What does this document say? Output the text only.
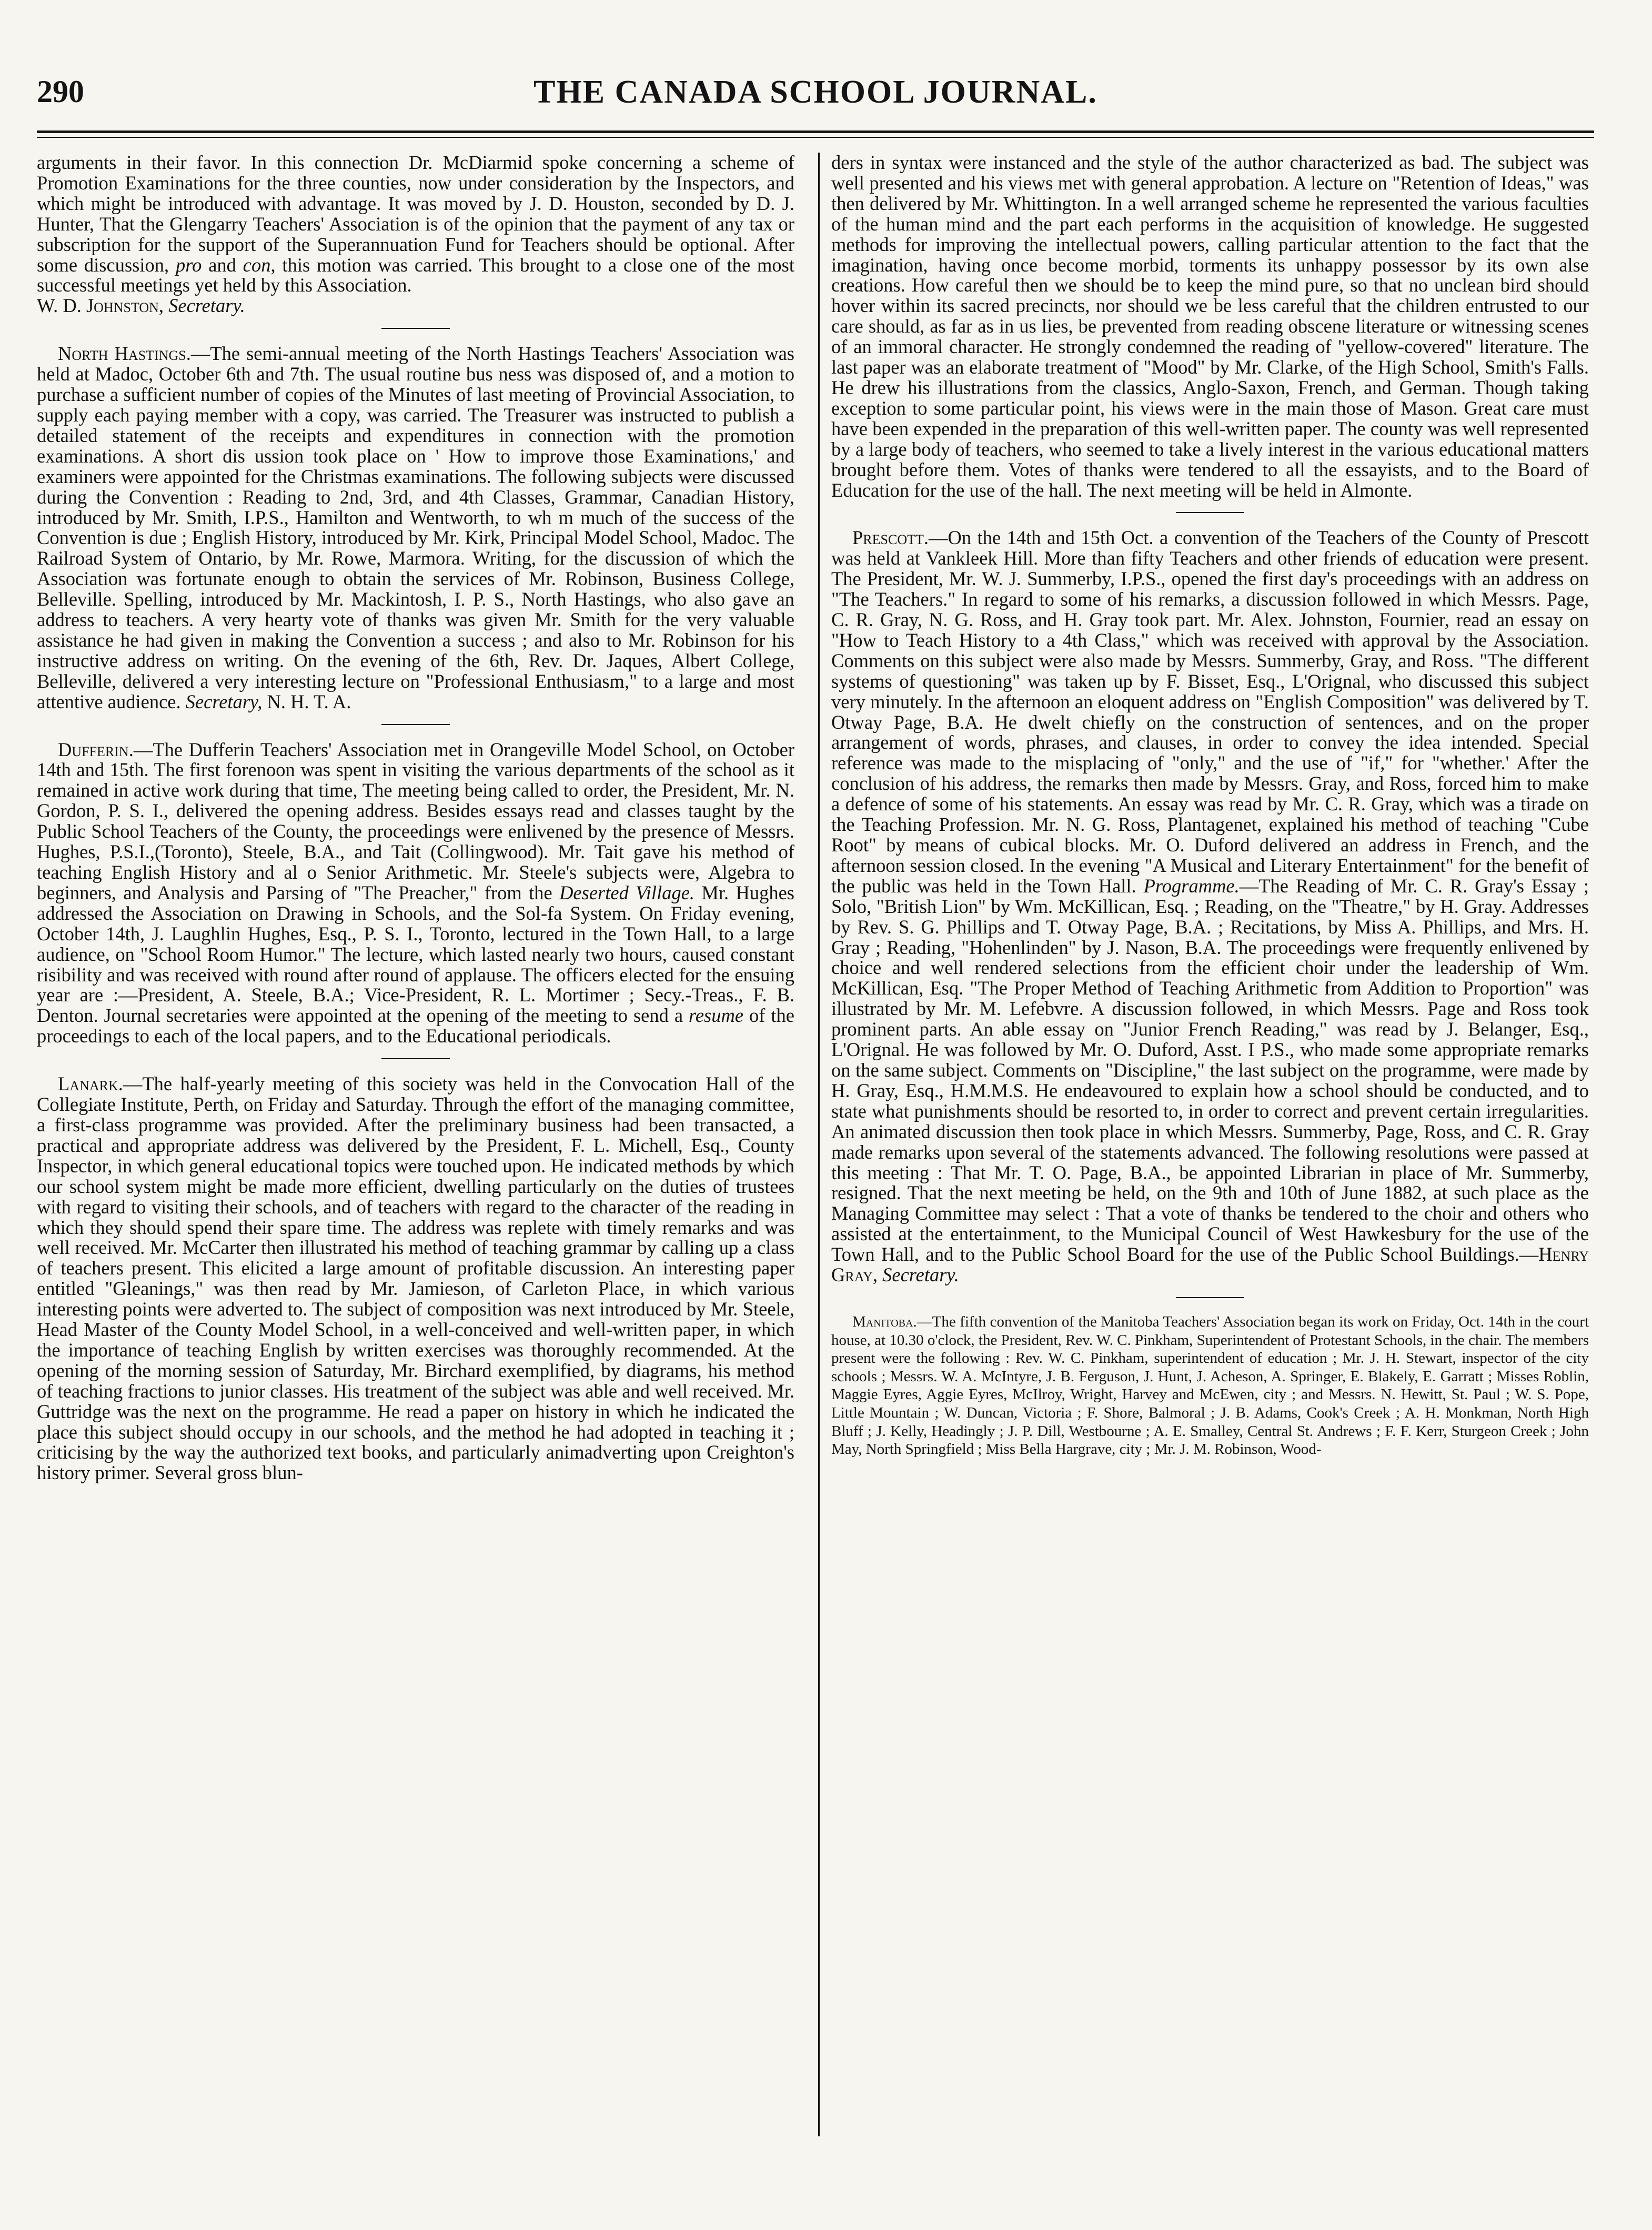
290	THE CANADA SCHOOL JOURNAL.

arguments in their favor. In this connection Dr. McDiarmid spoke concerning a scheme of Promotion Examinations for the three counties, now under consideration by the Inspectors, and which might be introduced with advantage. It was moved by J. D. Houston, seconded by D. J. Hunter, That the Glengarry Teachers' Association is of the opinion that the payment of any tax or subscription for the support of the Superannuation Fund for Teachers should be optional. After some discussion, pro and con, this motion was carried. This brought to a close one of the most successful meetings yet held by this Association.
W. D. Johnston, Secretary.

North Hastings.—The semi-annual meeting of the North Hastings Teachers' Association was held at Madoc, October 6th and 7th. The usual routine bus ness was disposed of, and a motion to purchase a sufficient number of copies of the Minutes of last meeting of Provincial Association, to supply each paying member with a copy, was carried. The Treasurer was instructed to publish a detailed statement of the receipts and expenditures in connection with the promotion examinations. A short dis ussion took place on ' How to improve those Examinations,' and examiners were appointed for the Christmas examinations. The following subjects were discussed during the Convention : Reading to 2nd, 3rd, and 4th Classes, Grammar, Canadian History, introduced by Mr. Smith, I.P.S., Hamilton and Wentworth, to wh m much of the success of the Convention is due ; English History, introduced by Mr. Kirk, Principal Model School, Madoc. The Railroad System of Ontario, by Mr. Rowe, Marmora. Writing, for the discussion of which the Association was fortunate enough to obtain the services of Mr. Robinson, Business College, Belleville. Spelling, introduced by Mr. Mackintosh, I. P. S., North Hastings, who also gave an address to teachers. A very hearty vote of thanks was given Mr. Smith for the very valuable assistance he had given in making the Convention a success ; and also to Mr. Robinson for his instructive address on writing. On the evening of the 6th, Rev. Dr. Jaques, Albert College, Belleville, delivered a very interesting lecture on "Professional Enthusiasm," to a large and most attentive audience. Secretary, N. H. T. A.

Dufferin.—The Dufferin Teachers' Association met in Orangeville Model School, on October 14th and 15th. The first forenoon was spent in visiting the various departments of the school as it remained in active work during that time, The meeting being called to order, the President, Mr. N. Gordon, P. S. I., delivered the opening address. Besides essays read and classes taught by the Public School Teachers of the County, the proceedings were enlivened by the presence of Messrs. Hughes, P.S.I.,(Toronto), Steele, B.A., and Tait (Collingwood). Mr. Tait gave his method of teaching English History and al o Senior Arithmetic. Mr. Steele's subjects were, Algebra to beginners, and Analysis and Parsing of "The Preacher," from the Deserted Village. Mr. Hughes addressed the Association on Drawing in Schools, and the Sol-fa System. On Friday evening, October 14th, J. Laughlin Hughes, Esq., P. S. I., Toronto, lectured in the Town Hall, to a large audience, on "School Room Humor." The lecture, which lasted nearly two hours, caused constant risibility and was received with round after round of applause. The officers elected for the ensuing year are :—President, A. Steele, B.A.; Vice-President, R. L. Mortimer ; Secy.-Treas., F. B. Denton. Journal secretaries were appointed at the opening of the meeting to send a resume of the proceedings to each of the local papers, and to the Educational periodicals.

Lanark.—The half-yearly meeting of this society was held in the Convocation Hall of the Collegiate Institute, Perth, on Friday and Saturday. Through the effort of the managing committee, a first-class programme was provided. After the preliminary business had been transacted, a practical and appropriate address was delivered by the President, F. L. Michell, Esq., County Inspector, in which general educational topics were touched upon. He indicated methods by which our school system might be made more efficient, dwelling particularly on the duties of trustees with regard to visiting their schools, and of teachers with regard to the character of the reading in which they should spend their spare time. The address was replete with timely remarks and was well received. Mr. McCarter then illustrated his method of teaching grammar by calling up a class of teachers present. This elicited a large amount of profitable discussion. An interesting paper entitled "Gleanings," was then read by Mr. Jamieson, of Carleton Place, in which various interesting points were adverted to. The subject of composition was next introduced by Mr. Steele, Head Master of the County Model School, in a well-conceived and well-written paper, in which the importance of teaching English by written exercises was thoroughly recommended. At the opening of the morning session of Saturday, Mr. Birchard exemplified, by diagrams, his method of teaching fractions to junior classes. His treatment of the subject was able and well received. Mr. Guttridge was the next on the programme. He read a paper on history in which he indicated the place this subject should occupy in our schools, and the method he had adopted in teaching it ; criticising by the way the authorized text books, and particularly animadverting upon Creighton's history primer. Several gross blun-

ders in syntax were instanced and the style of the author characterized as bad. The subject was well presented and his views met with general approbation. A lecture on "Retention of Ideas," was then delivered by Mr. Whittington. In a well arranged scheme he represented the various faculties of the human mind and the part each performs in the acquisition of knowledge. He suggested methods for improving the intellectual powers, calling particular attention to the fact that the imagination, having once become morbid, torments its unhappy possessor by its own alse creations. How careful then we should be to keep the mind pure, so that no unclean bird should hover within its sacred precincts, nor should we be less careful that the children entrusted to our care should, as far as in us lies, be prevented from reading obscene literature or witnessing scenes of an immoral character. He strongly condemned the reading of "yellow-covered" literature. The last paper was an elaborate treatment of "Mood" by Mr. Clarke, of the High School, Smith's Falls. He drew his illustrations from the classics, Anglo-Saxon, French, and German. Though taking exception to some particular point, his views were in the main those of Mason. Great care must have been expended in the preparation of this well-written paper. The county was well represented by a large body of teachers, who seemed to take a lively interest in the various educational matters brought before them. Votes of thanks were tendered to all the essayists, and to the Board of Education for the use of the hall. The next meeting will be held in Almonte.

Prescott.—On the 14th and 15th Oct. a convention of the Teachers of the County of Prescott was held at Vankleek Hill. More than fifty Teachers and other friends of education were present. The President, Mr. W. J. Summerby, I.P.S., opened the first day's proceedings with an address on "The Teachers." In regard to some of his remarks, a discussion followed in which Messrs. Page, C. R. Gray, N. G. Ross, and H. Gray took part. Mr. Alex. Johnston, Fournier, read an essay on "How to Teach History to a 4th Class," which was received with approval by the Association. Comments on this subject were also made by Messrs. Summerby, Gray, and Ross. "The different systems of questioning" was taken up by F. Bisset, Esq., L'Orignal, who discussed this subject very minutely. In the afternoon an eloquent address on "English Composition" was delivered by T. Otway Page, B.A. He dwelt chiefly on the construction of sentences, and on the proper arrangement of words, phrases, and clauses, in order to convey the idea intended. Special reference was made to the misplacing of "only," and the use of "if," for "whether.' After the conclusion of his address, the remarks then made by Messrs. Gray, and Ross, forced him to make a defence of some of his statements. An essay was read by Mr. C. R. Gray, which was a tirade on the Teaching Profession. Mr. N. G. Ross, Plantagenet, explained his method of teaching "Cube Root" by means of cubical blocks. Mr. O. Duford delivered an address in French, and the afternoon session closed. In the evening "A Musical and Literary Entertainment" for the benefit of the public was held in the Town Hall. Programme.—The Reading of Mr. C. R. Gray's Essay ; Solo, "British Lion" by Wm. McKillican, Esq. ; Reading, on the "Theatre," by H. Gray. Addresses by Rev. S. G. Phillips and T. Otway Page, B.A. ; Recitations, by Miss A. Phillips, and Mrs. H. Gray ; Reading, "Hohenlinden" by J. Nason, B.A. The proceedings were frequently enlivened by choice and well rendered selections from the efficient choir under the leadership of Wm. McKillican, Esq. "The Proper Method of Teaching Arithmetic from Addition to Proportion" was illustrated by Mr. M. Lefebvre. A discussion followed, in which Messrs. Page and Ross took prominent parts. An able essay on "Junior French Reading," was read by J. Belanger, Esq., L'Orignal. He was followed by Mr. O. Duford, Asst. I P.S., who made some appropriate remarks on the same subject. Comments on "Discipline," the last subject on the programme, were made by H. Gray, Esq., H.M.M.S. He endeavoured to explain how a school should be conducted, and to state what punishments should be resorted to, in order to correct and prevent certain irregularities. An animated discussion then took place in which Messrs. Summerby, Page, Ross, and C. R. Gray made remarks upon several of the statements advanced. The following resolutions were passed at this meeting : That Mr. T. O. Page, B.A., be appointed Librarian in place of Mr. Summerby, resigned. That the next meeting be held, on the 9th and 10th of June 1882, at such place as the Managing Committee may select : That a vote of thanks be tendered to the choir and others who assisted at the entertainment, to the Municipal Council of West Hawkesbury for the use of the Town Hall, and to the Public School Board for the use of the Public School Buildings.—Henry Gray, Secretary.

Manitoba.—The fifth convention of the Manitoba Teachers' Association began its work on Friday, Oct. 14th in the court house, at 10.30 o'clock, the President, Rev. W. C. Pinkham, Superintendent of Protestant Schools, in the chair. The members present were the following : Rev. W. C. Pinkham, superintendent of education ; Mr. J. H. Stewart, inspector of the city schools ; Messrs. W. A. McIntyre, J. B. Ferguson, J. Hunt, J. Acheson, A. Springer, E. Blakely, E. Garratt ; Misses Roblin, Maggie Eyres, Aggie Eyres, McIlroy, Wright, Harvey and McEwen, city ; and Messrs. N. Hewitt, St. Paul ; W. S. Pope, Little Mountain ; W. Duncan, Victoria ; F. Shore, Balmoral ; J. B. Adams, Cook's Creek ; A. H. Monkman, North High Bluff ; J. Kelly, Headingly ; J. P. Dill, Westbourne ; A. E. Smalley, Central St. Andrews ; F. F. Kerr, Sturgeon Creek ; John May, North Springfield ; Miss Bella Hargrave, city ; Mr. J. M. Robinson, Wood-
